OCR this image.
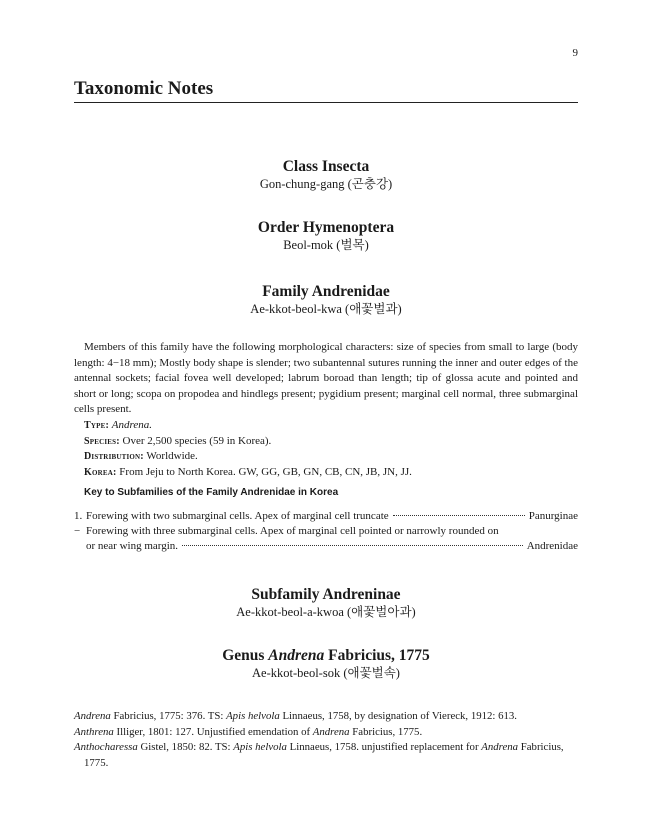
9
Taxonomic Notes
Class Insecta
Gon-chung-gang (곤충강)
Order Hymenoptera
Beol-mok (벌목)
Family Andrenidae
Ae-kkot-beol-kwa (애꽃벌과)

Members of this family have the following morphological characters: size of species from small to large (body length: 4−18 mm); Mostly body shape is slender; two subantennal sutures running the inner and outer edges of the antennal sockets; facial fovea well developed; labrum boroad than length; tip of glossa acute and pointed and short or long; scopa on propodea and hindlegs present; pygidium present; marginal cell normal, three submarginal cells present.

Type: Andrena.

Species: Over 2,500 species (59 in Korea).

Distribution: Worldwide.

Korea: From Jeju to North Korea. GW, GG, GB, GN, CB, CN, JB, JN, JJ.

Key to Subfamilies of the Family Andrenidae in Korea
1. Forewing with two submarginal cells. Apex of marginal cell truncate	Panurginae
− Forewing with three submarginal cells. Apex of marginal cell pointed or narrowly rounded on
or near wing margin.	Andrenidae
Subfamily Andreninae
Ae-kkot-beol-a-kwoa (애꽃벌아과)
Genus Andrena Fabricius, 1775
Ae-kkot-beol-sok (애꽃벌속)

Andrena Fabricius, 1775: 376. TS: Apis helvola Linnaeus, 1758, by designation of Viereck, 1912: 613.

Anthrena Illiger, 1801: 127. Unjustified emendation of Andrena Fabricius, 1775.

Anthocharessa Gistel, 1850: 82. TS: Apis helvola Linnaeus, 1758. unjustified replacement for Andrena Fabricius, 1775.
